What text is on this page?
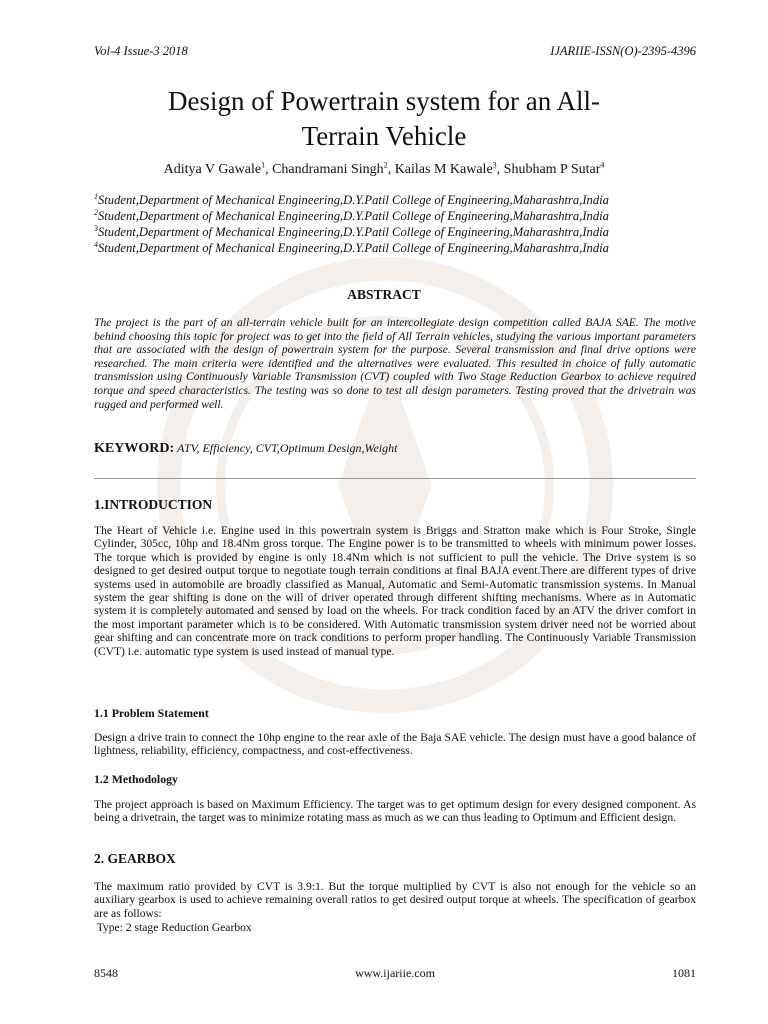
Vol-4 Issue-3 2018	IJARIIE-ISSN(O)-2395-4396
Design of Powertrain system for an All-
Terrain Vehicle
Aditya V Gawale$^1$, Chandramani Singh$^2$, Kailas M Kawale$^3$, Shubham P Sutar$^4$
$^1$Student,Department of Mechanical Engineering,D.Y.Patil College of Engineering,Maharashtra,India
$^2$Student,Department of Mechanical Engineering,D.Y.Patil College of Engineering,Maharashtra,India
$^3$Student,Department of Mechanical Engineering,D.Y.Patil College of Engineering,Maharashtra,India
$^4$Student,Department of Mechanical Engineering,D.Y.Patil College of Engineering,Maharashtra,India
ABSTRACT
The project is the part of an all-terrain vehicle built for an intercollegiate design competition called BAJA SAE. The motive behind choosing this topic for project was to get into the field of All Terrain vehicles, studying the various important parameters that are associated with the design of powertrain system for the purpose. Several transmission and final drive options were researched. The main criteria were identified and the alternatives were evaluated. This resulted in choice of fully automatic transmission using Continuously Variable Transmission (CVT) coupled with Two Stage Reduction Gearbox to achieve required torque and speed characteristics. The testing was so done to test all design parameters. Testing proved that the drivetrain was rugged and performed well.
KEYWORD: ATV, Efficiency, CVT,Optimum Design,Weight
1.INTRODUCTION
The Heart of Vehicle i.e. Engine used in this powertrain system is Briggs and Stratton make which is Four Stroke, Single Cylinder, 305cc, 10hp and 18.4Nm gross torque. The Engine power is to be transmitted to wheels with minimum power losses. The torque which is provided by engine is only 18.4Nm which is not sufficient to pull the vehicle. The Drive system is so designed to get desired output torque to negotiate tough terrain conditions at final BAJA event.There are different types of drive systems used in automobile are broadly classified as Manual, Automatic and Semi-Automatic transmission systems. In Manual system the gear shifting is done on the will of driver operated through different shifting mechanisms. Where as in Automatic system it is completely automated and sensed by load on the wheels. For track condition faced by an ATV the driver comfort in the most important parameter which is to be considered. With Automatic transmission system driver need not be worried about gear shifting and can concentrate more on track conditions to perform proper handling. The Continuously Variable Transmission (CVT) i.e. automatic type system is used instead of manual type.
1.1 Problem Statement
Design a drive train to connect the 10hp engine to the rear axle of the Baja SAE vehicle. The design must have a good balance of lightness, reliability, efficiency, compactness, and cost-effectiveness.
1.2 Methodology
The project approach is based on Maximum Efficiency. The target was to get optimum design for every designed component. As being a drivetrain, the target was to minimize rotating mass as much as we can thus leading to Optimum and Efficient design.
2. GEARBOX
The maximum ratio provided by CVT is 3.9:1. But the torque multiplied by CVT is also not enough for the vehicle so an auxiliary gearbox is used to achieve remaining overall ratios to get desired output torque at wheels. The specification of gearbox are as follows:
Type: 2 stage Reduction Gearbox
8548	www.ijariie.com	1081
